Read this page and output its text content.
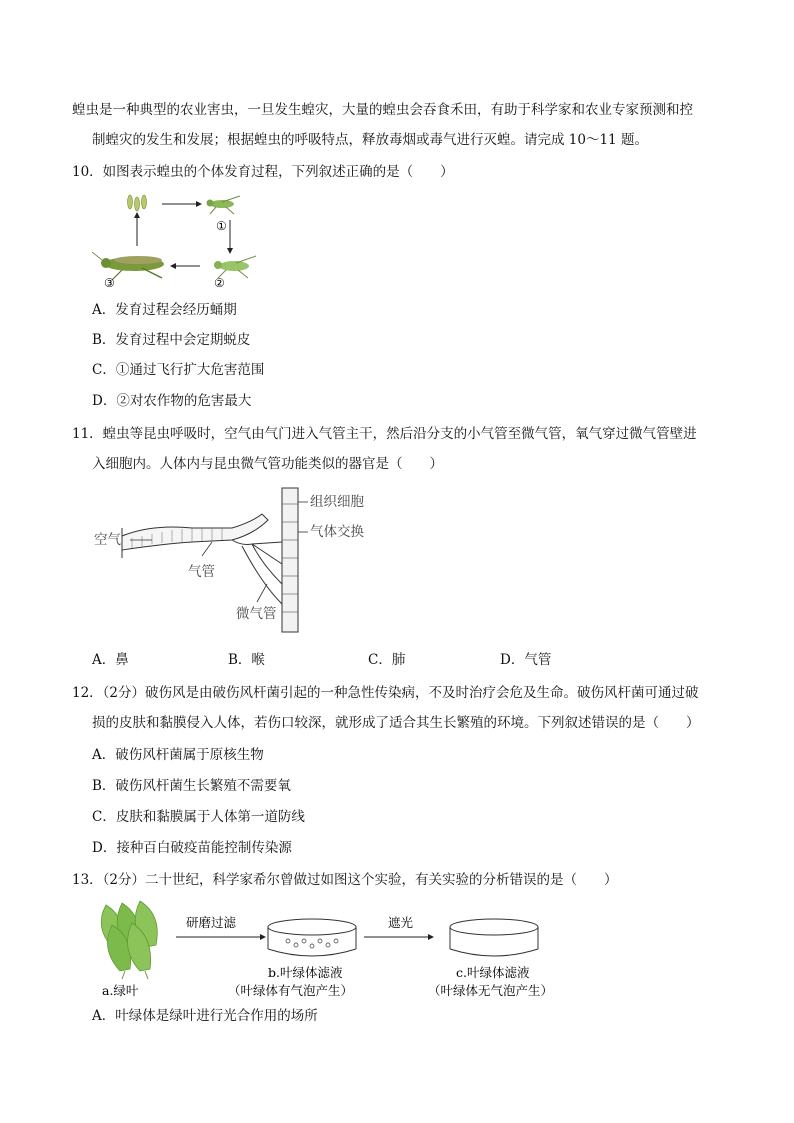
蝗虫是一种典型的农业害虫，一旦发生蝗灾，大量的蝗虫会吞食禾田，有助于科学家和农业专家预测和控
制蝗灾的发生和发展；根据蝗虫的呼吸特点，释放毒烟或毒气进行灭蝗。请完成 10～11 题。
10．如图表示蝗虫的个体发育过程，下列叙述正确的是（　　）
①
②
③
A．发育过程会经历蛹期
B．发育过程中会定期蜕皮
C．①通过飞行扩大危害范围
D．②对农作物的危害最大
11．蝗虫等昆虫呼吸时，空气由气门进入气管主干，然后沿分支的小气管至微气管，氧气穿过微气管壁进
入细胞内。人体内与昆虫微气管功能类似的器官是（　　）
组织细胞
气体交换
空气
气管
微气管
A．鼻	B．喉	C．肺	D．气管
12．（2分）破伤风是由破伤风杆菌引起的一种急性传染病，不及时治疗会危及生命。破伤风杆菌可通过破
损的皮肤和黏膜侵入人体，若伤口较深，就形成了适合其生长繁殖的环境。下列叙述错误的是（　　）
A．破伤风杆菌属于原核生物
B．破伤风杆菌生长繁殖不需要氧
C．皮肤和黏膜属于人体第一道防线
D．接种百白破疫苗能控制传染源
13．（2分）二十世纪，科学家希尔曾做过如图这个实验，有关实验的分析错误的是（　　）
研磨过滤	遮光
a.绿叶
b.叶绿体滤液
（叶绿体有气泡产生）
c.叶绿体滤液
（叶绿体无气泡产生）
A．叶绿体是绿叶进行光合作用的场所
